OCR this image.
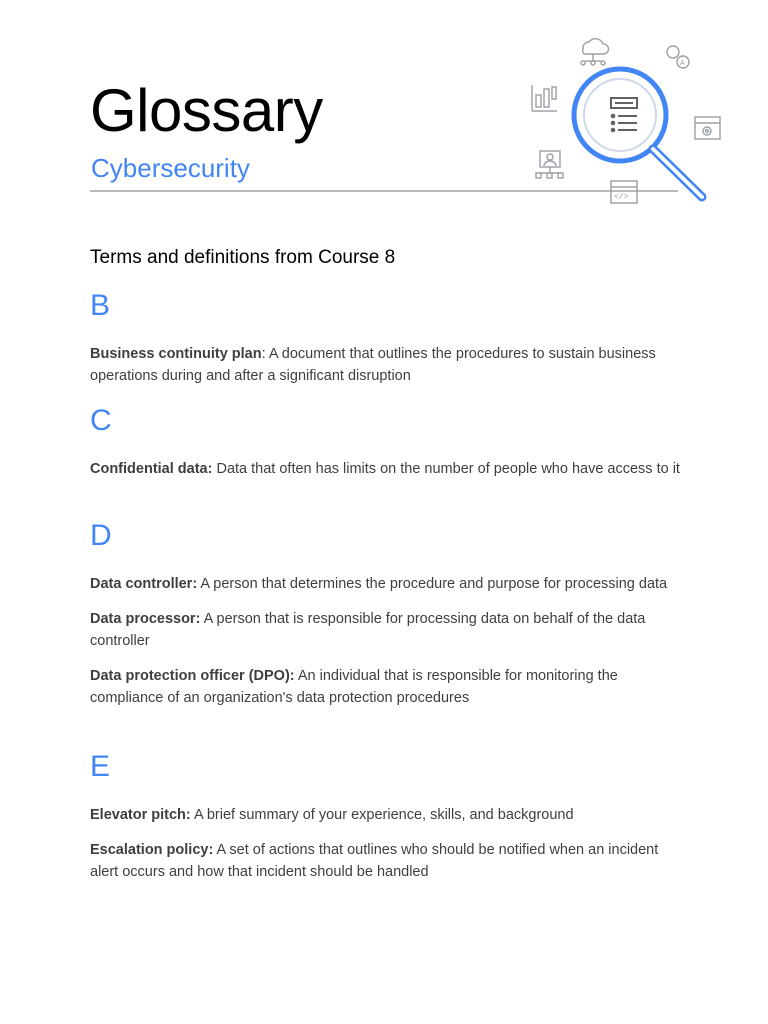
Glossary
Cybersecurity
A
</>

Terms and definitions from Course 8

B

Business continuity plan: A document that outlines the procedures to sustain business operations during and after a significant disruption

C

Confidential data: Data that often has limits on the number of people who have access to it

D

Data controller: A person that determines the procedure and purpose for processing data

Data processor: A person that is responsible for processing data on behalf of the data controller

Data protection officer (DPO): An individual that is responsible for monitoring the compliance of an organization's data protection procedures

E

Elevator pitch: A brief summary of your experience, skills, and background

Escalation policy: A set of actions that outlines who should be notified when an incident alert occurs and how that incident should be handled
